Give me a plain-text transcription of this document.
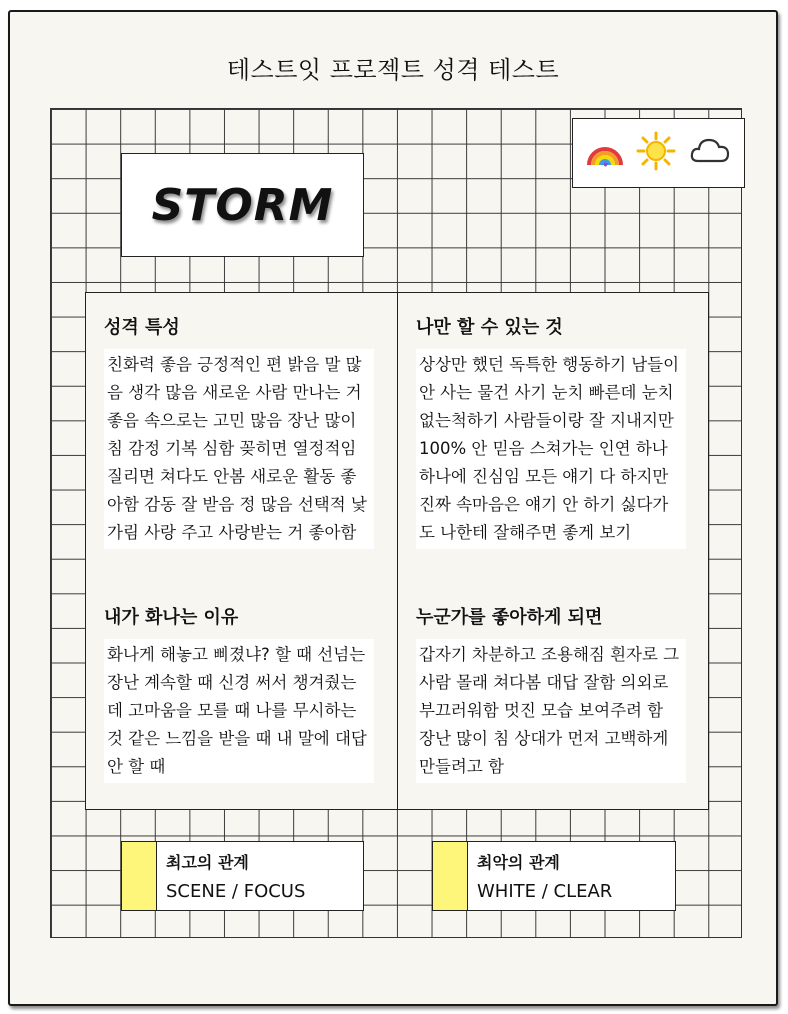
테스트잇 프로젝트 성격 테스트
STORM
성격 특성

친화력 좋음 긍정적인 편 밝음 말 많음 생각 많음 새로운 사람 만나는 거 좋음 속으로는 고민 많음 장난 많이 침 감정 기복 심함 꽂히면 열정적임 질리면 쳐다도 안봄 새로운 활동 좋아함 감동 잘 받음 정 많음 선택적 낯가림 사랑 주고 사랑받는 거 좋아함

나만 할 수 있는 것

상상만 했던 독특한 행동하기 남들이 안 사는 물건 사기 눈치 빠른데 눈치 없는척하기 사람들이랑 잘 지내지만 100% 안 믿음 스쳐가는 인연 하나하나에 진심임 모든 얘기 다 하지만 진짜 속마음은 얘기 안 하기 싫다가도 나한테 잘해주면 좋게 보기

내가 화나는 이유

화나게 해놓고 삐졌냐? 할 때 선넘는 장난 계속할 때 신경 써서 챙겨줬는데 고마움을 모를 때 나를 무시하는 것 같은 느낌을 받을 때 내 말에 대답 안 할 때

누군가를 좋아하게 되면

갑자기 차분하고 조용해짐 흰자로 그 사람 몰래 쳐다봄 대답 잘함 의외로 부끄러워함 멋진 모습 보여주려 함 장난 많이 침 상대가 먼저 고백하게 만들려고 함

최고의 관계
SCENE / FOCUS
최악의 관계
WHITE / CLEAR
